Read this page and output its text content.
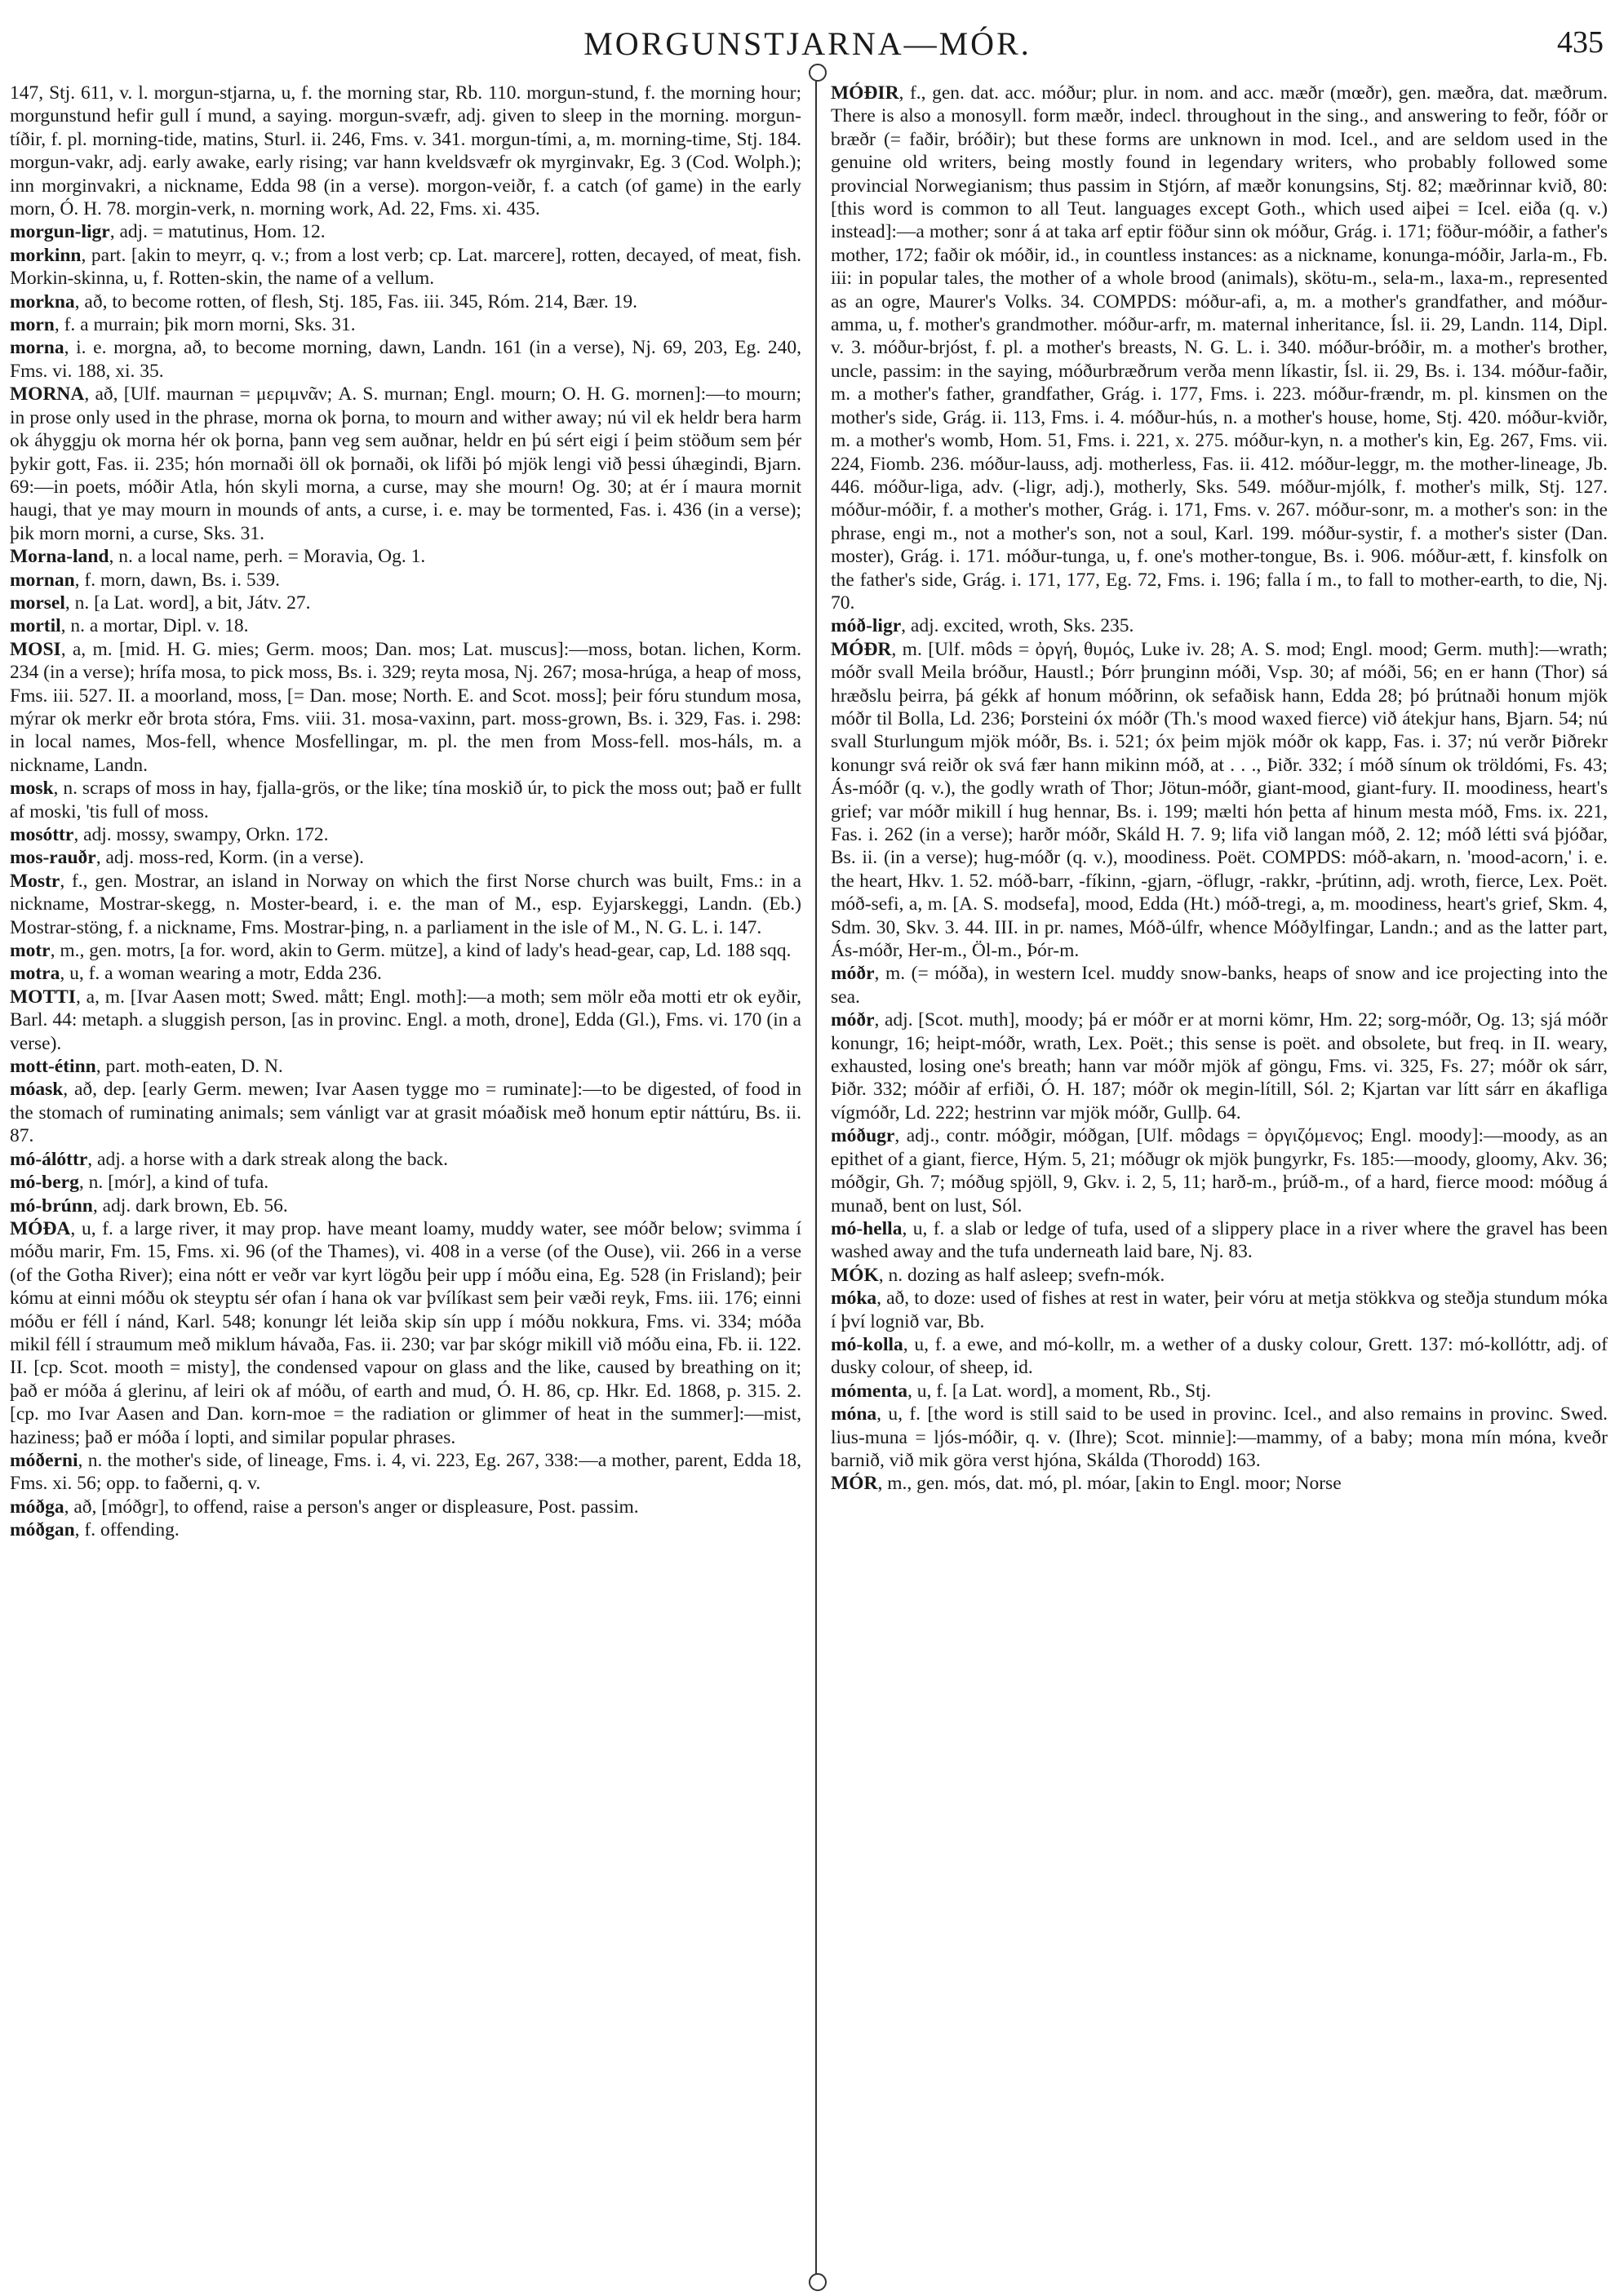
MORGUNSTJARNA—MÓR.	435

147, Stj. 611, v. l. morgun-stjarna, u, f. the morning star, Rb. 110. morgun-stund, f. the morning hour; morgunstund hefir gull í mund, a saying. morgun-svæfr, adj. given to sleep in the morning. morgun-tíðir, f. pl. morning-tide, matins, Sturl. ii. 246, Fms. v. 341. morgun-tími, a, m. morning-time, Stj. 184. morgun-vakr, adj. early awake, early rising; var hann kveldsvæfr ok myrginvakr, Eg. 3 (Cod. Wolph.); inn morginvakri, a nickname, Edda 98 (in a verse). morgon-veiðr, f. a catch (of game) in the early morn, Ó. H. 78. morgin-verk, n. morning work, Ad. 22, Fms. xi. 435.

morgun-ligr, adj. = matutinus, Hom. 12.

morkinn, part. [akin to meyrr, q. v.; from a lost verb; cp. Lat. marcere], rotten, decayed, of meat, fish. Morkin-skinna, u, f. Rotten-skin, the name of a vellum.

morkna, að, to become rotten, of flesh, Stj. 185, Fas. iii. 345, Róm. 214, Bær. 19.

morn, f. a murrain; þik morn morni, Sks. 31.

morna, i. e. morgna, að, to become morning, dawn, Landn. 161 (in a verse), Nj. 69, 203, Eg. 240, Fms. vi. 188, xi. 35.

MORNA, að, [Ulf. maurnan = μεριμνᾶν; A. S. murnan; Engl. mourn; O. H. G. mornen]:—to mourn; in prose only used in the phrase, morna ok þorna, to mourn and wither away; nú vil ek heldr bera harm ok áhyggju ok morna hér ok þorna, þann veg sem auðnar, heldr en þú sért eigi í þeim stöðum sem þér þykir gott, Fas. ii. 235; hón mornaði öll ok þornaði, ok lifði þó mjök lengi við þessi úhægindi, Bjarn. 69:—in poets, móðir Atla, hón skyli morna, a curse, may she mourn! Og. 30; at ér í maura mornit haugi, that ye may mourn in mounds of ants, a curse, i. e. may be tormented, Fas. i. 436 (in a verse); þik morn morni, a curse, Sks. 31.

Morna-land, n. a local name, perh. = Moravia, Og. 1.

mornan, f. morn, dawn, Bs. i. 539.

morsel, n. [a Lat. word], a bit, Játv. 27.

mortil, n. a mortar, Dipl. v. 18.

MOSI, a, m. [mid. H. G. mies; Germ. moos; Dan. mos; Lat. muscus]:—moss, botan. lichen, Korm. 234 (in a verse); hrífa mosa, to pick moss, Bs. i. 329; reyta mosa, Nj. 267; mosa-hrúga, a heap of moss, Fms. iii. 527. II. a moorland, moss, [= Dan. mose; North. E. and Scot. moss]; þeir fóru stundum mosa, mýrar ok merkr eðr brota stóra, Fms. viii. 31. mosa-vaxinn, part. moss-grown, Bs. i. 329, Fas. i. 298: in local names, Mos-fell, whence Mosfellingar, m. pl. the men from Moss-fell. mos-háls, m. a nickname, Landn.

mosk, n. scraps of moss in hay, fjalla-grös, or the like; tína moskið úr, to pick the moss out; það er fullt af moski, 'tis full of moss.

mosóttr, adj. mossy, swampy, Orkn. 172.

mos-rauðr, adj. moss-red, Korm. (in a verse).

Mostr, f., gen. Mostrar, an island in Norway on which the first Norse church was built, Fms.: in a nickname, Mostrar-skegg, n. Moster-beard, i. e. the man of M., esp. Eyjarskeggi, Landn. (Eb.) Mostrar-stöng, f. a nickname, Fms. Mostrar-þing, n. a parliament in the isle of M., N. G. L. i. 147.

motr, m., gen. motrs, [a for. word, akin to Germ. mütze], a kind of lady's head-gear, cap, Ld. 188 sqq.

motra, u, f. a woman wearing a motr, Edda 236.

MOTTI, a, m. [Ivar Aasen mott; Swed. mått; Engl. moth]:—a moth; sem mölr eða motti etr ok eyðir, Barl. 44: metaph. a sluggish person, [as in provinc. Engl. a moth, drone], Edda (Gl.), Fms. vi. 170 (in a verse).

mott-étinn, part. moth-eaten, D. N.

móask, að, dep. [early Germ. mewen; Ivar Aasen tygge mo = ruminate]:—to be digested, of food in the stomach of ruminating animals; sem vánligt var at grasit móaðisk með honum eptir náttúru, Bs. ii. 87.

mó-álóttr, adj. a horse with a dark streak along the back.

mó-berg, n. [mór], a kind of tufa.

mó-brúnn, adj. dark brown, Eb. 56.

MÓÐA, u, f. a large river, it may prop. have meant loamy, muddy water, see móðr below; svimma í móðu marir, Fm. 15, Fms. xi. 96 (of the Thames), vi. 408 in a verse (of the Ouse), vii. 266 in a verse (of the Gotha River); eina nótt er veðr var kyrt lögðu þeir upp í móðu eina, Eg. 528 (in Frisland); þeir kómu at einni móðu ok steyptu sér ofan í hana ok var þvílíkast sem þeir væði reyk, Fms. iii. 176; einni móðu er féll í nánd, Karl. 548; konungr lét leiða skip sín upp í móðu nokkura, Fms. vi. 334; móða mikil féll í straumum með miklum hávaða, Fas. ii. 230; var þar skógr mikill við móðu eina, Fb. ii. 122. II. [cp. Scot. mooth = misty], the condensed vapour on glass and the like, caused by breathing on it; það er móða á glerinu, af leiri ok af móðu, of earth and mud, Ó. H. 86, cp. Hkr. Ed. 1868, p. 315. 2. [cp. mo Ivar Aasen and Dan. korn-moe = the radiation or glimmer of heat in the summer]:—mist, haziness; það er móða í lopti, and similar popular phrases.

móðerni, n. the mother's side, of lineage, Fms. i. 4, vi. 223, Eg. 267, 338:—a mother, parent, Edda 18, Fms. xi. 56; opp. to faðerni, q. v.

móðga, að, [móðgr], to offend, raise a person's anger or displeasure, Post. passim.

móðgan, f. offending.

MÓÐIR, f., gen. dat. acc. móður; plur. in nom. and acc. mæðr (mœðr), gen. mæðra, dat. mæðrum. There is also a monosyll. form mæðr, indecl. throughout in the sing., and answering to feðr, fóðr or bræðr (= faðir, bróðir); but these forms are unknown in mod. Icel., and are seldom used in the genuine old writers, being mostly found in legendary writers, who probably followed some provincial Norwegianism; thus passim in Stjórn, af mæðr konungsins, Stj. 82; mæðrinnar kvið, 80: [this word is common to all Teut. languages except Goth., which used aiþei = Icel. eiða (q. v.) instead]:—a mother; sonr á at taka arf eptir föður sinn ok móður, Grág. i. 171; föður-móðir, a father's mother, 172; faðir ok móðir, id., in countless instances: as a nickname, konunga-móðir, Jarla-m., Fb. iii: in popular tales, the mother of a whole brood (animals), skötu-m., sela-m., laxa-m., represented as an ogre, Maurer's Volks. 34. COMPDS: móður-afi, a, m. a mother's grandfather, and móður-amma, u, f. mother's grandmother. móður-arfr, m. maternal inheritance, Ísl. ii. 29, Landn. 114, Dipl. v. 3. móður-brjóst, f. pl. a mother's breasts, N. G. L. i. 340. móður-bróðir, m. a mother's brother, uncle, passim: in the saying, móðurbræðrum verða menn líkastir, Ísl. ii. 29, Bs. i. 134. móður-faðir, m. a mother's father, grandfather, Grág. i. 177, Fms. i. 223. móður-frændr, m. pl. kinsmen on the mother's side, Grág. ii. 113, Fms. i. 4. móður-hús, n. a mother's house, home, Stj. 420. móður-kviðr, m. a mother's womb, Hom. 51, Fms. i. 221, x. 275. móður-kyn, n. a mother's kin, Eg. 267, Fms. vii. 224, Fiomb. 236. móður-lauss, adj. motherless, Fas. ii. 412. móður-leggr, m. the mother-lineage, Jb. 446. móður-liga, adv. (-ligr, adj.), motherly, Sks. 549. móður-mjólk, f. mother's milk, Stj. 127. móður-móðir, f. a mother's mother, Grág. i. 171, Fms. v. 267. móður-sonr, m. a mother's son: in the phrase, engi m., not a mother's son, not a soul, Karl. 199. móður-systir, f. a mother's sister (Dan. moster), Grág. i. 171. móður-tunga, u, f. one's mother-tongue, Bs. i. 906. móður-ætt, f. kinsfolk on the father's side, Grág. i. 171, 177, Eg. 72, Fms. i. 196; falla í m., to fall to mother-earth, to die, Nj. 70.

móð-ligr, adj. excited, wroth, Sks. 235.

MÓÐR, m. [Ulf. môds = ὀργή, θυμός, Luke iv. 28; A. S. mod; Engl. mood; Germ. muth]:—wrath; móðr svall Meila bróður, Haustl.; Þórr þrunginn móði, Vsp. 30; af móði, 56; en er hann (Thor) sá hræðslu þeirra, þá gékk af honum móðrinn, ok sefaðisk hann, Edda 28; þó þrútnaði honum mjök móðr til Bolla, Ld. 236; Þorsteini óx móðr (Th.'s mood waxed fierce) við átekjur hans, Bjarn. 54; nú svall Sturlungum mjök móðr, Bs. i. 521; óx þeim mjök móðr ok kapp, Fas. i. 37; nú verðr Þiðrekr konungr svá reiðr ok svá fær hann mikinn móð, at . . ., Þiðr. 332; í móð sínum ok tröldómi, Fs. 43; Ás-móðr (q. v.), the godly wrath of Thor; Jötun-móðr, giant-mood, giant-fury. II. moodiness, heart's grief; var móðr mikill í hug hennar, Bs. i. 199; mælti hón þetta af hinum mesta móð, Fms. ix. 221, Fas. i. 262 (in a verse); harðr móðr, Skáld H. 7. 9; lifa við langan móð, 2. 12; móð létti svá þjóðar, Bs. ii. (in a verse); hug-móðr (q. v.), moodiness. Poët. COMPDS: móð-akarn, n. 'mood-acorn,' i. e. the heart, Hkv. 1. 52. móð-barr, -fíkinn, -gjarn, -öflugr, -rakkr, -þrútinn, adj. wroth, fierce, Lex. Poët. móð-sefi, a, m. [A. S. modsefa], mood, Edda (Ht.) móð-tregi, a, m. moodiness, heart's grief, Skm. 4, Sdm. 30, Skv. 3. 44. III. in pr. names, Móð-úlfr, whence Móðylfingar, Landn.; and as the latter part, Ás-móðr, Her-m., Öl-m., Þór-m.

móðr, m. (= móða), in western Icel. muddy snow-banks, heaps of snow and ice projecting into the sea.

móðr, adj. [Scot. muth], moody; þá er móðr er at morni kömr, Hm. 22; sorg-móðr, Og. 13; sjá móðr konungr, 16; heipt-móðr, wrath, Lex. Poët.; this sense is poët. and obsolete, but freq. in II. weary, exhausted, losing one's breath; hann var móðr mjök af göngu, Fms. vi. 325, Fs. 27; móðr ok sárr, Þiðr. 332; móðir af erfiði, Ó. H. 187; móðr ok megin-lítill, Sól. 2; Kjartan var lítt sárr en ákafliga vígmóðr, Ld. 222; hestrinn var mjök móðr, Gullþ. 64.

móðugr, adj., contr. móðgir, móðgan, [Ulf. môdags = ὀργιζόμενος; Engl. moody]:—moody, as an epithet of a giant, fierce, Hým. 5, 21; móðugr ok mjök þungyrkr, Fs. 185:—moody, gloomy, Akv. 36; móðgir, Gh. 7; móðug spjöll, 9, Gkv. i. 2, 5, 11; harð-m., þrúð-m., of a hard, fierce mood: móðug á munað, bent on lust, Sól.

mó-hella, u, f. a slab or ledge of tufa, used of a slippery place in a river where the gravel has been washed away and the tufa underneath laid bare, Nj. 83.

MÓK, n. dozing as half asleep; svefn-mók.

móka, að, to doze: used of fishes at rest in water, þeir vóru at metja stökkva og steðja stundum móka í því lognið var, Bb.

mó-kolla, u, f. a ewe, and mó-kollr, m. a wether of a dusky colour, Grett. 137: mó-kollóttr, adj. of dusky colour, of sheep, id.

mómenta, u, f. [a Lat. word], a moment, Rb., Stj.

móna, u, f. [the word is still said to be used in provinc. Icel., and also remains in provinc. Swed. lius-muna = ljós-móðir, q. v. (Ihre); Scot. minnie]:—mammy, of a baby; mona mín móna, kveðr barnið, við mik göra verst hjóna, Skálda (Thorodd) 163.

MÓR, m., gen. mós, dat. mó, pl. móar, [akin to Engl. moor; Norse
